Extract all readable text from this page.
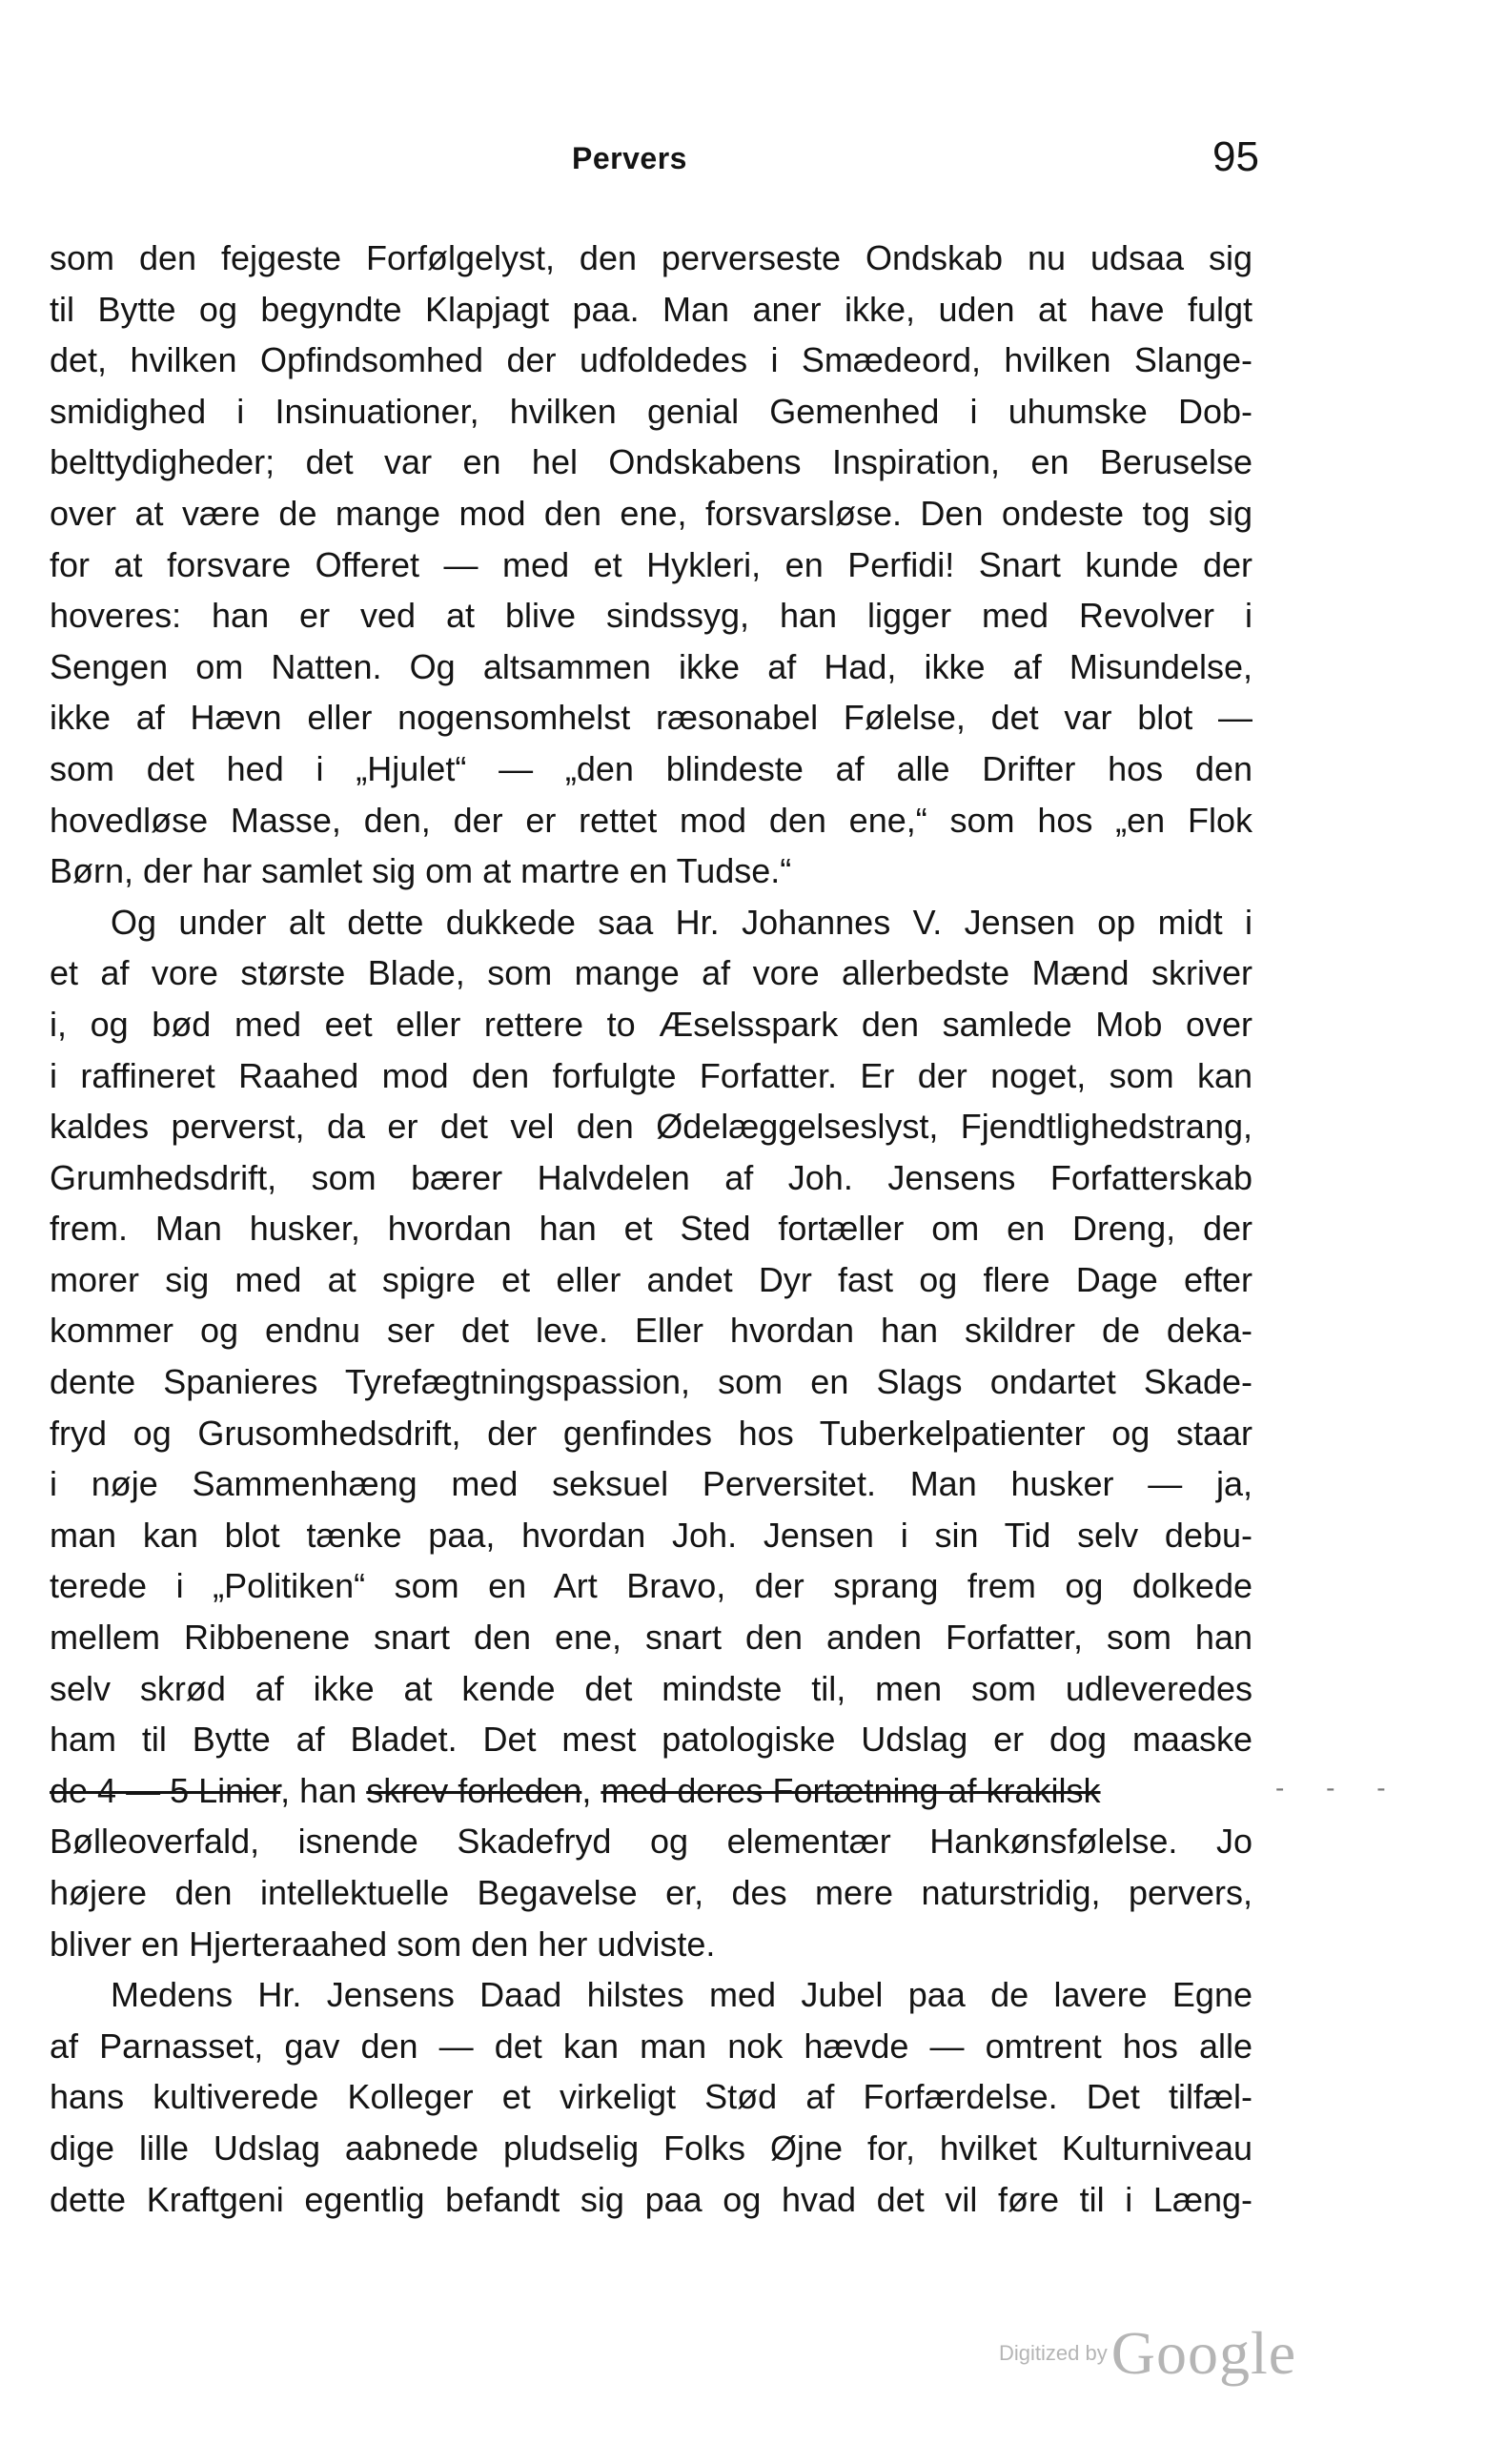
Pervers	95
som den fejgeste Forfølgelyst, den perverseste Ondskab nu udsaa sig
til Bytte og begyndte Klapjagt paa. Man aner ikke, uden at have fulgt
det, hvilken Opfindsomhed der udfoldedes i Smædeord, hvilken Slange-
smidighed i Insinuationer, hvilken genial Gemenhed i uhumske Dob-
belttydigheder; det var en hel Ondskabens Inspiration, en Beruselse
over at være de mange mod den ene, forsvarsløse. Den ondeste tog sig
for at forsvare Offeret — med et Hykleri, en Perfidi! Snart kunde der
hoveres: han er ved at blive sindssyg, han ligger med Revolver i
Sengen om Natten. Og altsammen ikke af Had, ikke af Misundelse,
ikke af Hævn eller nogensomhelst ræsonabel Følelse, det var blot —
som det hed i „Hjulet“ — „den blindeste af alle Drifter hos den
hovedløse Masse, den, der er rettet mod den ene,“ som hos „en Flok
Børn, der har samlet sig om at martre en Tudse.“
Og under alt dette dukkede saa Hr. Johannes V. Jensen op midt i
et af vore største Blade, som mange af vore allerbedste Mænd skriver
i, og bød med eet eller rettere to Æselsspark den samlede Mob over
i raffineret Raahed mod den forfulgte Forfatter. Er der noget, som kan
kaldes perverst, da er det vel den Ødelæggelseslyst, Fjendtlighedstrang,
Grumhedsdrift, som bærer Halvdelen af Joh. Jensens Forfatterskab
frem. Man husker, hvordan han et Sted fortæller om en Dreng, der
morer sig med at spigre et eller andet Dyr fast og flere Dage efter
kommer og endnu ser det leve. Eller hvordan han skildrer de deka-
dente Spanieres Tyrefægtningspassion, som en Slags ondartet Skade-
fryd og Grusomhedsdrift, der genfindes hos Tuberkelpatienter og staar
i nøje Sammenhæng med seksuel Perversitet. Man husker — ja,
man kan blot tænke paa, hvordan Joh. Jensen i sin Tid selv debu-
terede i „Politiken“ som en Art Bravo, der sprang frem og dolkede
mellem Ribbenene snart den ene, snart den anden Forfatter, som han
selv skrød af ikke at kende det mindste til, men som udleveredes
ham til Bytte af Bladet. Det mest patologiske Udslag er dog maaske
de 4 — 5 Linier, han skrev forleden, med deres Fortætning af krakilsk
Bølleoverfald, isnende Skadefryd og elementær Hankønsfølelse. Jo
højere den intellektuelle Begavelse er, des mere naturstridig, pervers,
bliver en Hjerteraahed som den her udviste.
Medens Hr. Jensens Daad hilstes med Jubel paa de lavere Egne
af Parnasset, gav den — det kan man nok hævde — omtrent hos alle
hans kultiverede Kolleger et virkeligt Stød af Forfærdelse. Det tilfæl-
dige lille Udslag aabnede pludselig Folks Øjne for, hvilket Kulturniveau
dette Kraftgeni egentlig befandt sig paa og hvad det vil føre til i Læng-
- - -
Digitized by Google
